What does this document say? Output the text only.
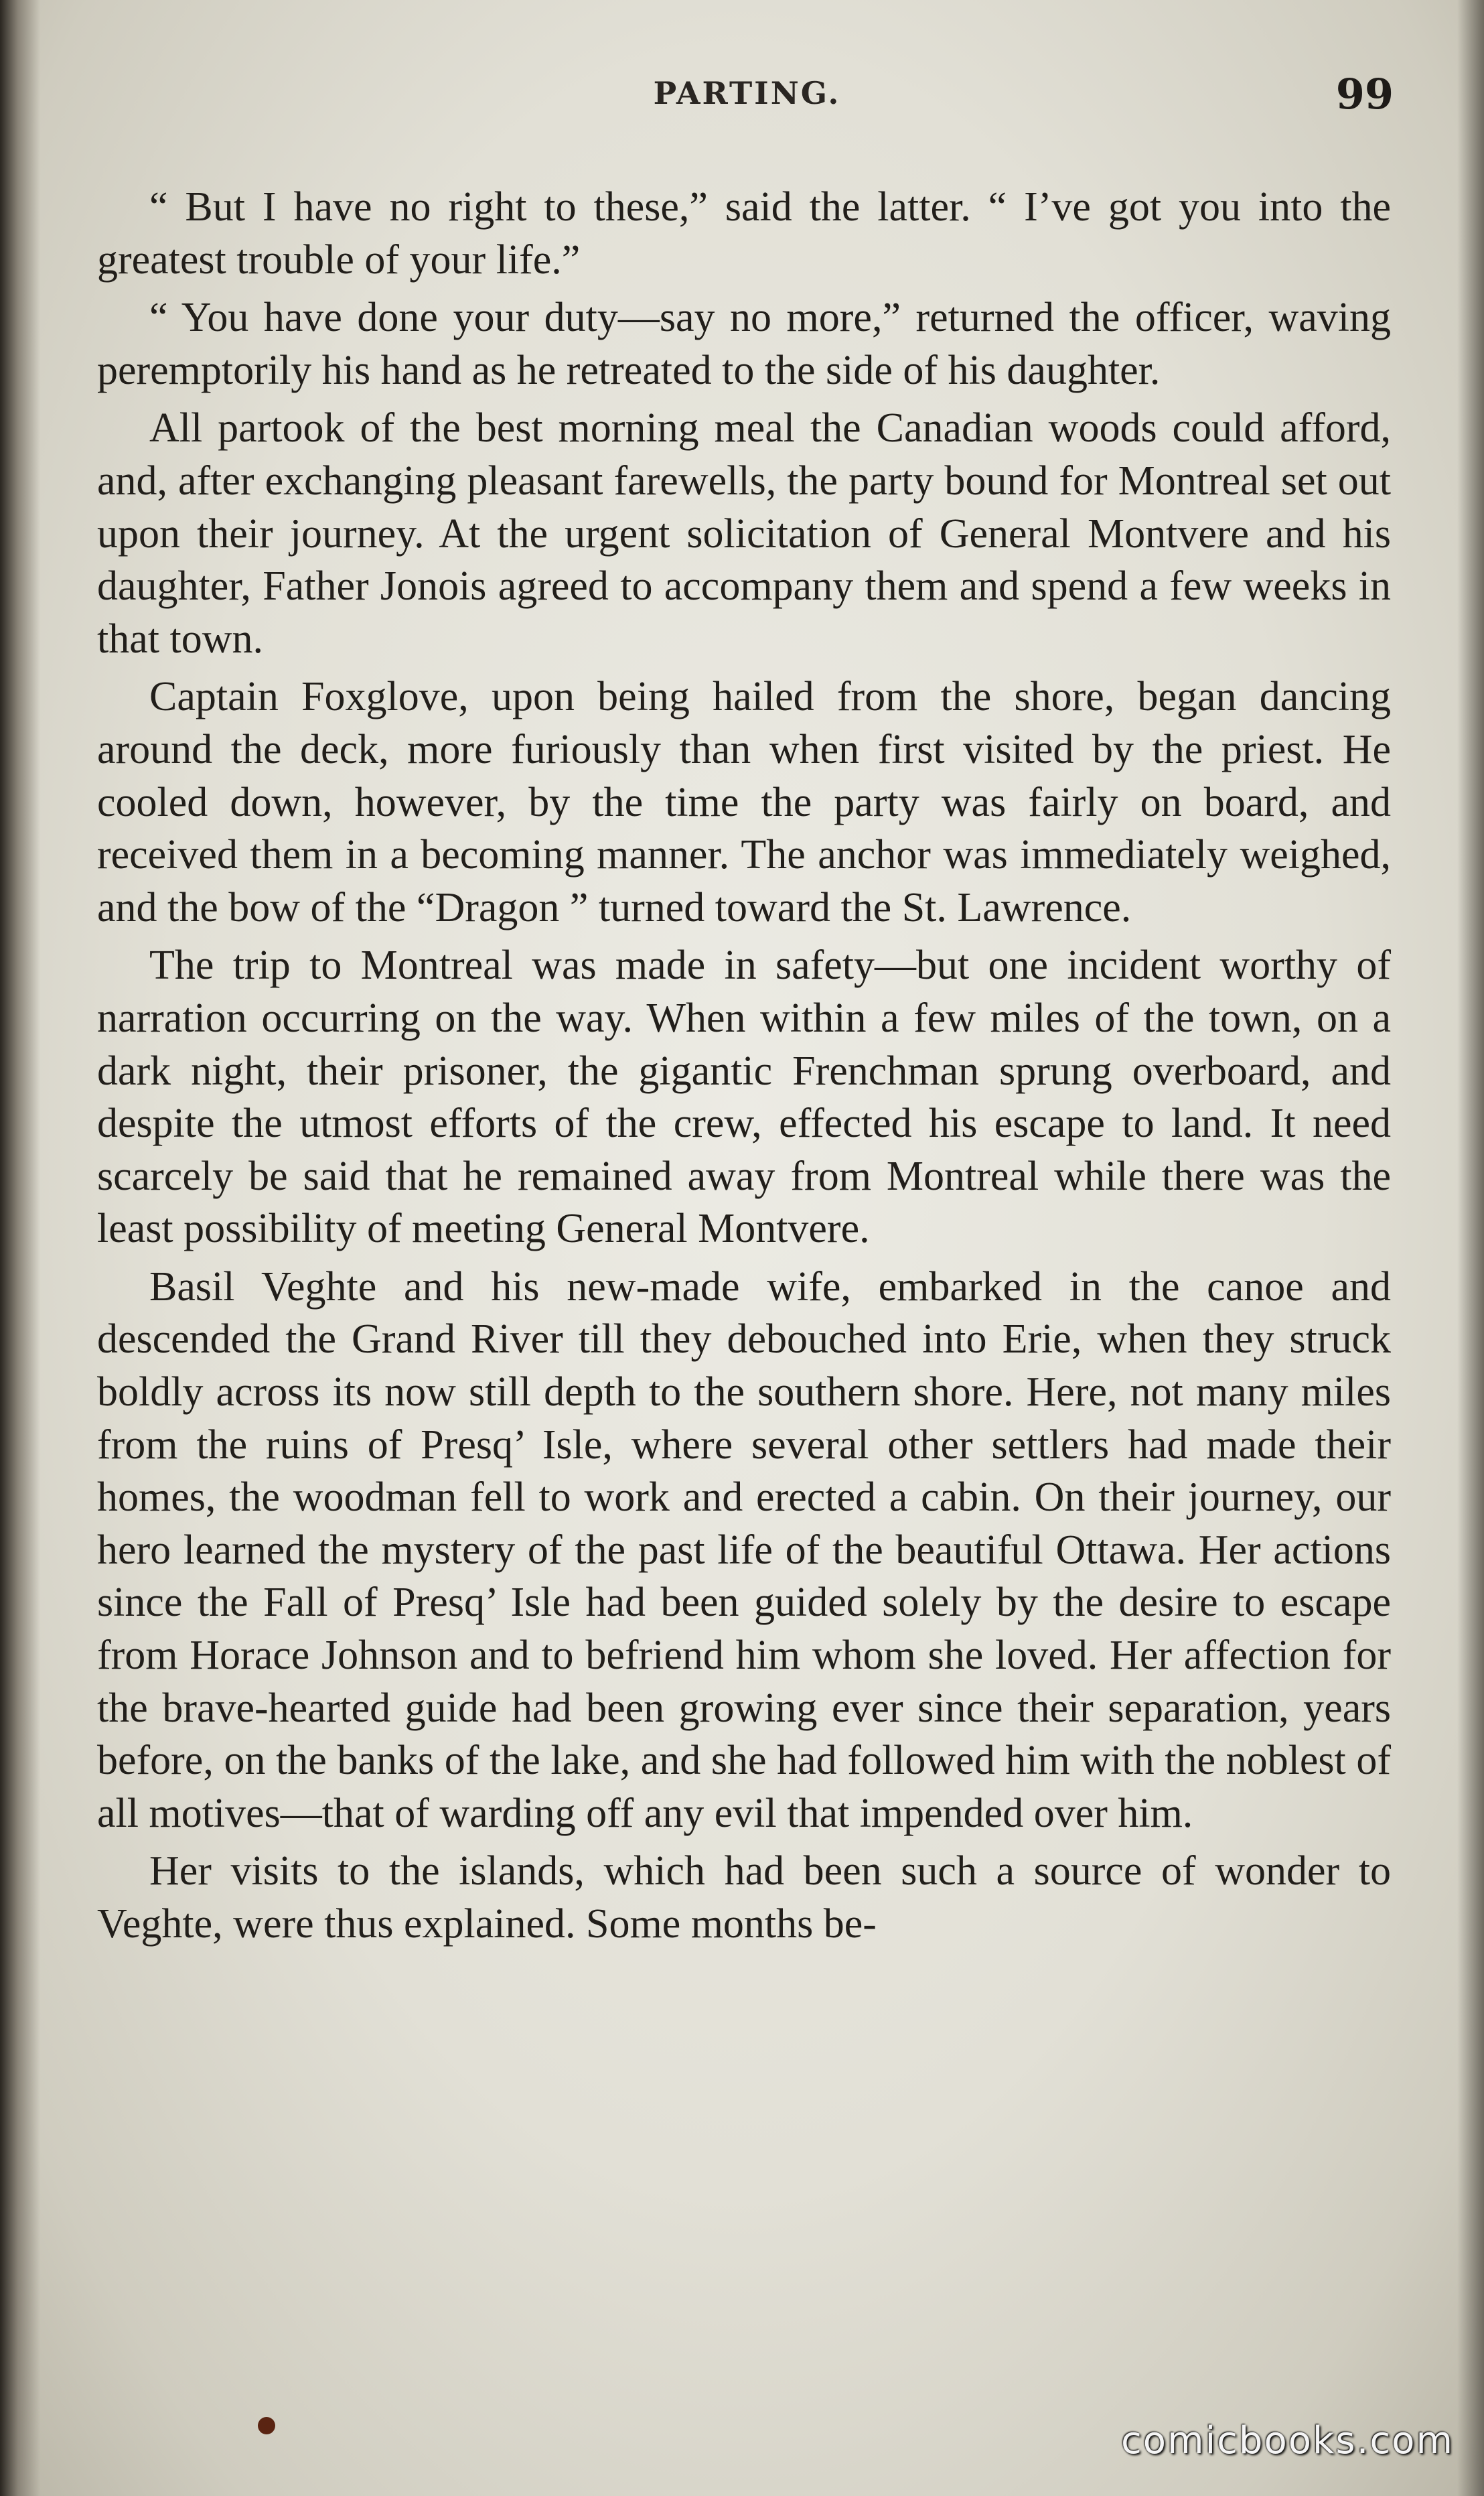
PARTING.	99

“ But I have no right to these,” said the latter. “ I’ve got you into the greatest trouble of your life.”

“ You have done your duty—say no more,” returned the officer, waving peremptorily his hand as he retreated to the side of his daughter.

All partook of the best morning meal the Canadian woods could afford, and, after exchanging pleasant farewells, the party bound for Montreal set out upon their journey. At the urgent solicitation of General Montvere and his daughter, Father Jonois agreed to accompany them and spend a few weeks in that town.

Captain Foxglove, upon being hailed from the shore, began dancing around the deck, more furiously than when first visited by the priest. He cooled down, however, by the time the party was fairly on board, and received them in a becoming manner. The anchor was immediately weighed, and the bow of the “Dragon ” turned toward the St. Lawrence.

The trip to Montreal was made in safety—but one incident worthy of narration occurring on the way. When within a few miles of the town, on a dark night, their prisoner, the gigantic Frenchman sprung overboard, and despite the utmost efforts of the crew, effected his escape to land. It need scarcely be said that he remained away from Montreal while there was the least possibility of meeting General Montvere.

Basil Veghte and his new-made wife, embarked in the canoe and descended the Grand River till they debouched into Erie, when they struck boldly across its now still depth to the southern shore. Here, not many miles from the ruins of Presq’ Isle, where several other settlers had made their homes, the woodman fell to work and erected a cabin. On their journey, our hero learned the mystery of the past life of the beautiful Ottawa. Her actions since the Fall of Presq’ Isle had been guided solely by the desire to escape from Horace Johnson and to befriend him whom she loved. Her affection for the brave-hearted guide had been growing ever since their separation, years before, on the banks of the lake, and she had followed him with the noblest of all motives—that of warding off any evil that impended over him.

Her visits to the islands, which had been such a source of wonder to Veghte, were thus explained. Some months be-

comicbooks.com
